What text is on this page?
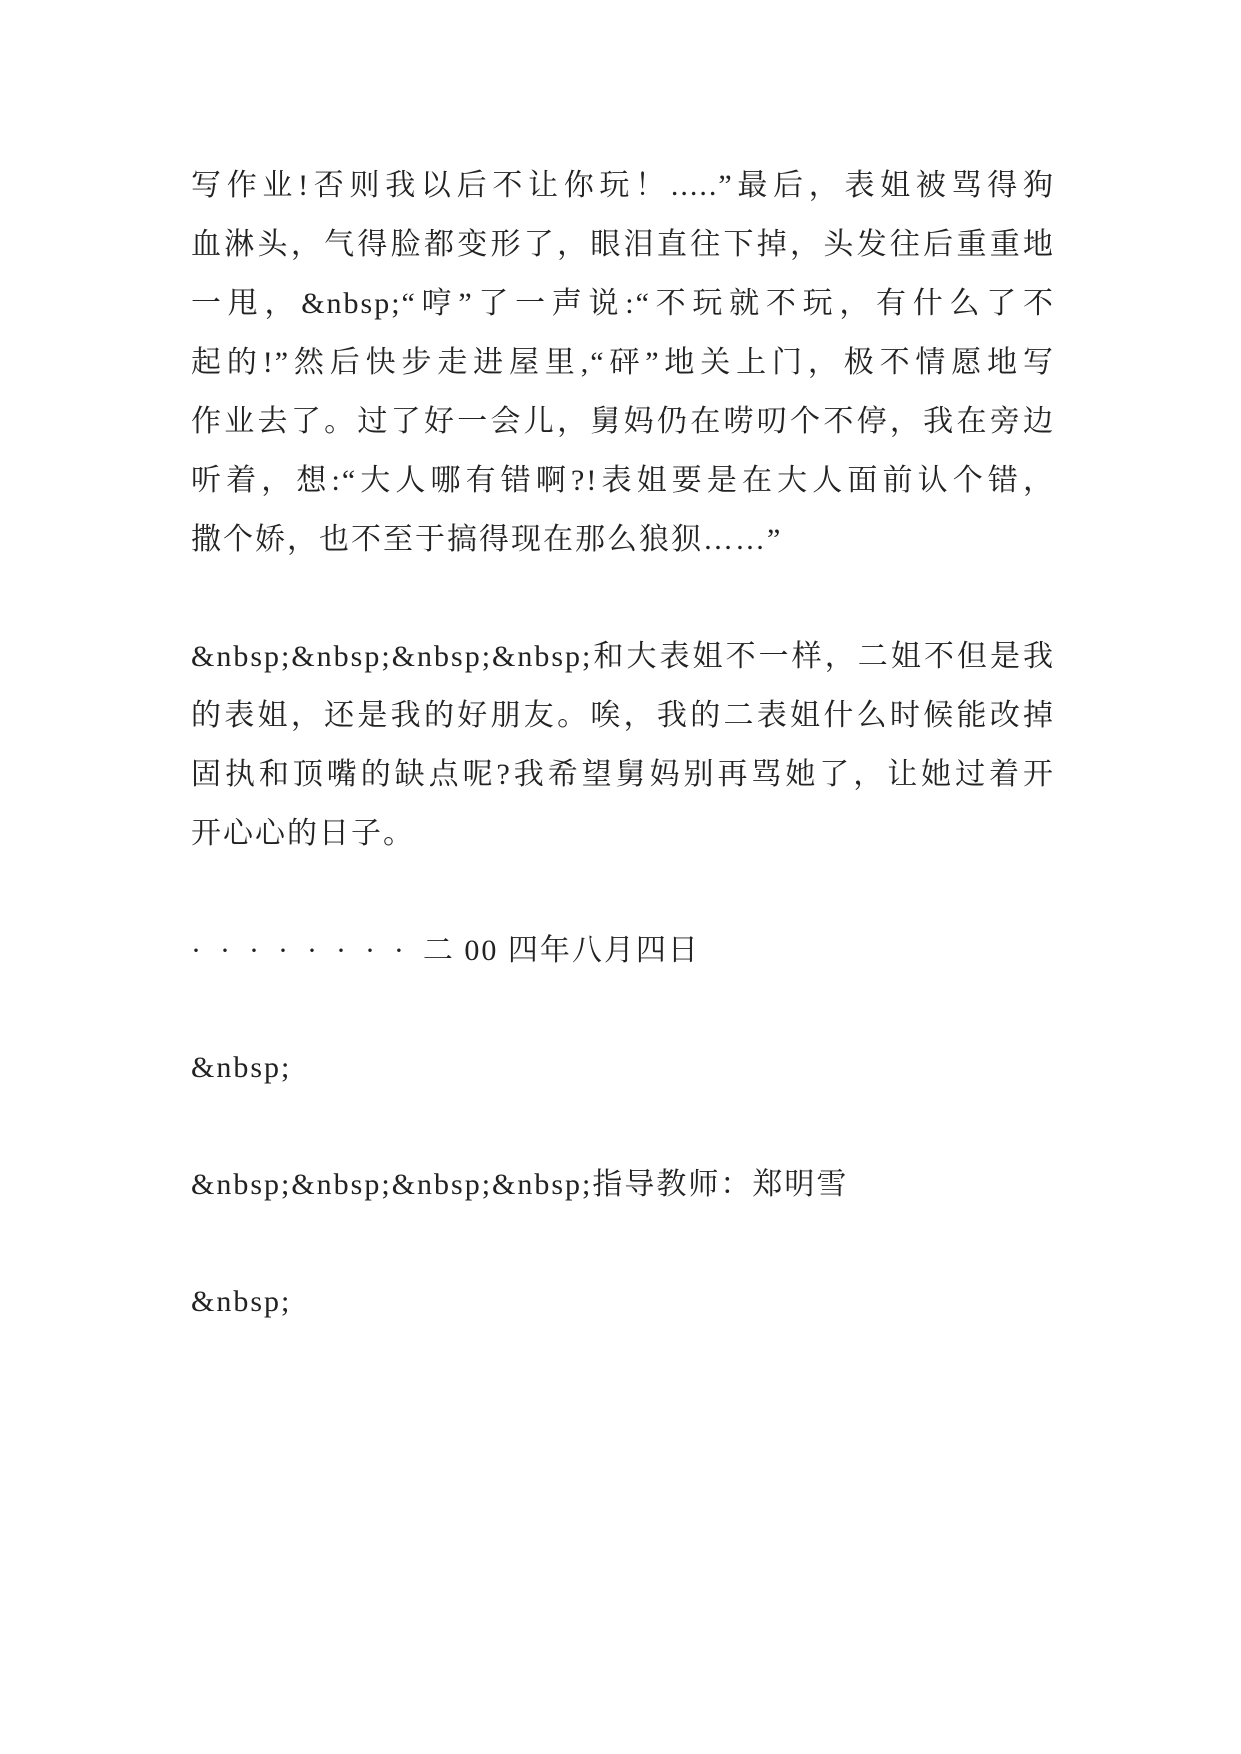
写作业!否则我以后不让你玩！.....”最后，表姐被骂得狗
血淋头，气得脸都变形了，眼泪直往下掉，头发往后重重地
一甩，&nbsp;“哼”了一声说:“不玩就不玩，有什么了不
起的!”然后快步走进屋里,“砰”地关上门，极不情愿地写
作业去了。过了好一会儿，舅妈仍在唠叨个不停，我在旁边
听着，想:“大人哪有错啊?!表姐要是在大人面前认个错，
撒个娇，也不至于搞得现在那么狼狈……”
&nbsp;&nbsp;&nbsp;&nbsp;和大表姐不一样，二姐不但是我
的表姐，还是我的好朋友。唉，我的二表姐什么时候能改掉
固执和顶嘴的缺点呢?我希望舅妈别再骂她了，让她过着开
开心心的日子。
········二 00 四年八月四日
&nbsp;
&nbsp;&nbsp;&nbsp;&nbsp;指导教师：郑明雪
&nbsp;
